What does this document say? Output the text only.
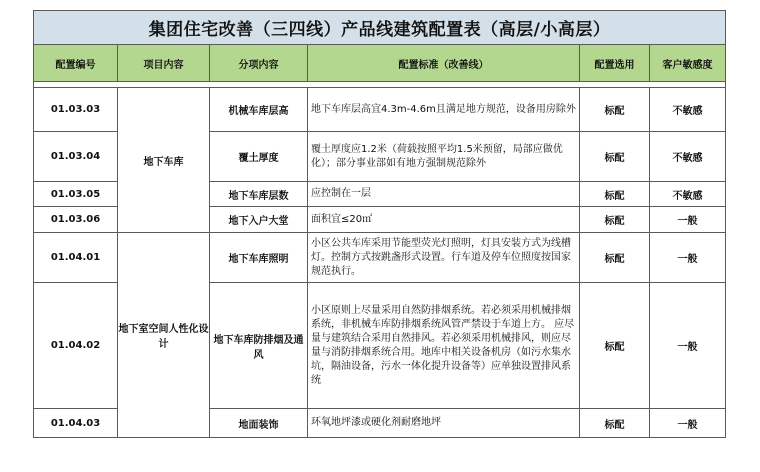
集团住宅改善（三四线）产品线建筑配置表（高层/小高层）					
配置编号	项目内容	分项内容	配置标准（改善线）	配置选用	客户敏感度

01.03.03	地下车库	机械车库层高	地下车库层高宜4.3m-4.6m且满足地方规范，设备用房除外	标配	不敏感
01.03.04		覆土厚度	覆土厚度应1.2米（荷载按照平均1.5米预留，局部应做优化）；部分事业部如有地方强制规范除外	标配	不敏感
01.03.05		地下车库层数	应控制在一层	标配	不敏感
01.03.06		地下入户大堂	面积宜≤20㎡	标配	一般
01.04.01	地下室空间人性化设计	地下车库照明	小区公共车库采用节能型荧光灯照明，灯具安装方式为线槽灯。控制方式按跳盏形式设置。行车道及停车位照度按国家规范执行。	标配	一般
01.04.02		地下车库防排烟及通风	小区原则上尽量采用自然防排烟系统。若必须采用机械排烟系统，非机械车库防排烟系统风管严禁设于车道上方。 应尽量与建筑结合采用自然排风。若必须采用机械排风，则应尽量与消防排烟系统合用。地库中相关设备机房（如污水集水坑，隔油设备，污水一体化提升设备等）应单独设置排风系统	标配	一般
01.04.03		地面装饰	环氧地坪漆或硬化剂耐磨地坪	标配	一般
